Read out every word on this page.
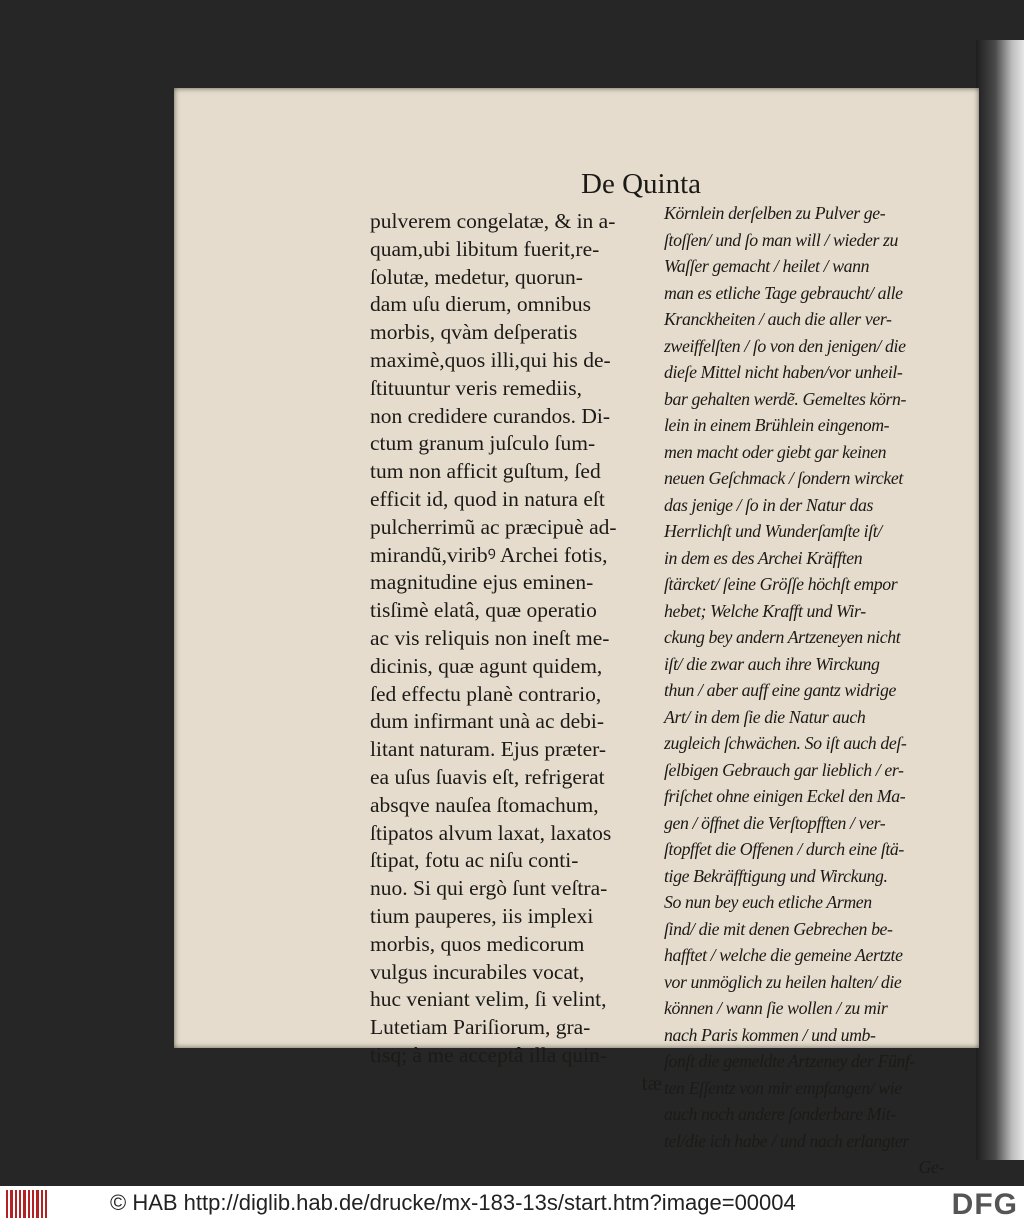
De Quinta
pulverem congelatæ, & in a-
quam,ubi libitum fuerit,re-
ſolutæ, medetur, quorun-
dam uſu dierum, omnibus
morbis, qvàm deſperatis
maximè,quos illi,qui his de-
ſtituuntur veris remediis,
non credidere curandos. Di-
ctum granum juſculo ſum-
tum non afficit guſtum, ſed
efficit id, quod in natura eſt
pulcherrimũ ac præcipuè ad-
mirandũ,viribꝰ Archei fotis,
magnitudine ejus eminen-
tisſimè elatâ, quæ operatio
ac vis reliquis non ineſt me-
dicinis, quæ agunt quidem,
ſed effectu planè contrario,
dum infirmant unà ac debi-
litant naturam. Ejus præter-
ea uſus ſuavis eſt, refrigerat
absqve nauſea ſtomachum,
ſtipatos alvum laxat, laxatos
ſtipat, fotu ac niſu conti-
nuo. Si qui ergò ſunt veſtra-
tium pauperes, iis implexi
morbis, quos medicorum
vulgus incurabiles vocat,
huc veniant velim, ſi velint,
Lutetiam Pariſiorum, gra-
tisq; à me acceptâ illa quin-
tæ
Körnlein derſelben zu Pulver ge-
ſtoſſen/ und ſo man will / wieder zu
Waſſer gemacht / heilet / wann
man es etliche Tage gebraucht/ alle
Kranckheiten / auch die aller ver-
zweiffelſten / ſo von den jenigen/ die
dieſe Mittel nicht haben/vor unheil-
bar gehalten werdẽ. Gemeltes körn-
lein in einem Brühlein eingenom-
men macht oder giebt gar keinen
neuen Geſchmack / ſondern wircket
das jenige / ſo in der Natur das
Herrlichſt und Wunderſamſte iſt/
in dem es des Archei Kräfften
ſtärcket/ ſeine Gröſſe höchſt empor
hebet; Welche Krafft und Wir-
ckung bey andern Artzeneyen nicht
iſt/ die zwar auch ihre Wirckung
thun / aber auff eine gantz widrige
Art/ in dem ſie die Natur auch
zugleich ſchwächen. So iſt auch deſ-
ſelbigen Gebrauch gar lieblich / er-
friſchet ohne einigen Eckel den Ma-
gen / öffnet die Verſtopfften / ver-
ſtopffet die Offenen / durch eine ſtä-
tige Bekräfftigung und Wirckung.
So nun bey euch etliche Armen
ſind/ die mit denen Gebrechen be-
hafftet / welche die gemeine Aertzte
vor unmöglich zu heilen halten/ die
können / wann ſie wollen / zu mir
nach Paris kommen / und umb-
ſonſt die gemeldte Artzeney der Fünf-
ten Eſſentz von mir empfangen/ wie
auch noch andere ſonderbare Mit-
tel/die ich habe / und nach erlangter
Ge-
© HAB http://diglib.hab.de/drucke/mx-183-13s/start.htm?image=00004	DFG
